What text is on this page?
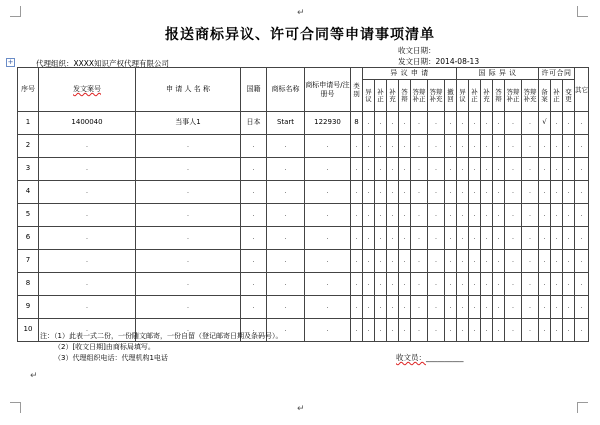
↵
报送商标异议、许可合同等申请事项清单
收文日期：
发文日期：2014-08-13
代理组织：XXXX知识产权代理有限公司
+
序号	发文案号	申 请 人 名 称	国籍	商标名称	商标申请号/注册号	类别	异 议 申 请							国 际 异 议						许可合同			其它
							异议	补正	补充	答辩	答辩补正	答辩补充	撤回	异议	补正	补充	答辩	答辩补正	答辩补充	备案	补正	变更	
1	1400040	当事人1	日本	Start	122930	8	.	.	.	.	.	.	.	.	.	.	.	.	.	√	.	.	.
2	.	.	.	.	.	.	.	.	.	.	.	.	.	.	.	.	.	.	.	.	.	.	.
3	.	.	.	.	.	.	.	.	.	.	.	.	.	.	.	.	.	.	.	.	.	.	.
4	.	.	.	.	.	.	.	.	.	.	.	.	.	.	.	.	.	.	.	.	.	.	.
5	.	.	.	.	.	.	.	.	.	.	.	.	.	.	.	.	.	.	.	.	.	.	.
6	.	.	.	.	.	.	.	.	.	.	.	.	.	.	.	.	.	.	.	.	.	.	.
7	.	.	.	.	.	.	.	.	.	.	.	.	.	.	.	.	.	.	.	.	.	.	.
8	.	.	.	.	.	.	.	.	.	.	.	.	.	.	.	.	.	.	.	.	.	.	.
9	.	.	.	.	.	.	.	.	.	.	.	.	.	.	.	.	.	.	.	.	.	.	.
10	.	.	.	.	.	.	.	.	.	.	.	.	.	.	.	.	.	.	.	.	.	.	.
注：（1）此表一式二份，一份随文邮寄，一份自留（登记邮寄日期及条码号）。
（2）[收文日期]由商标局填写。
（3）代理组织电话：代理机构1电话	收文员：__________
↵
↵
